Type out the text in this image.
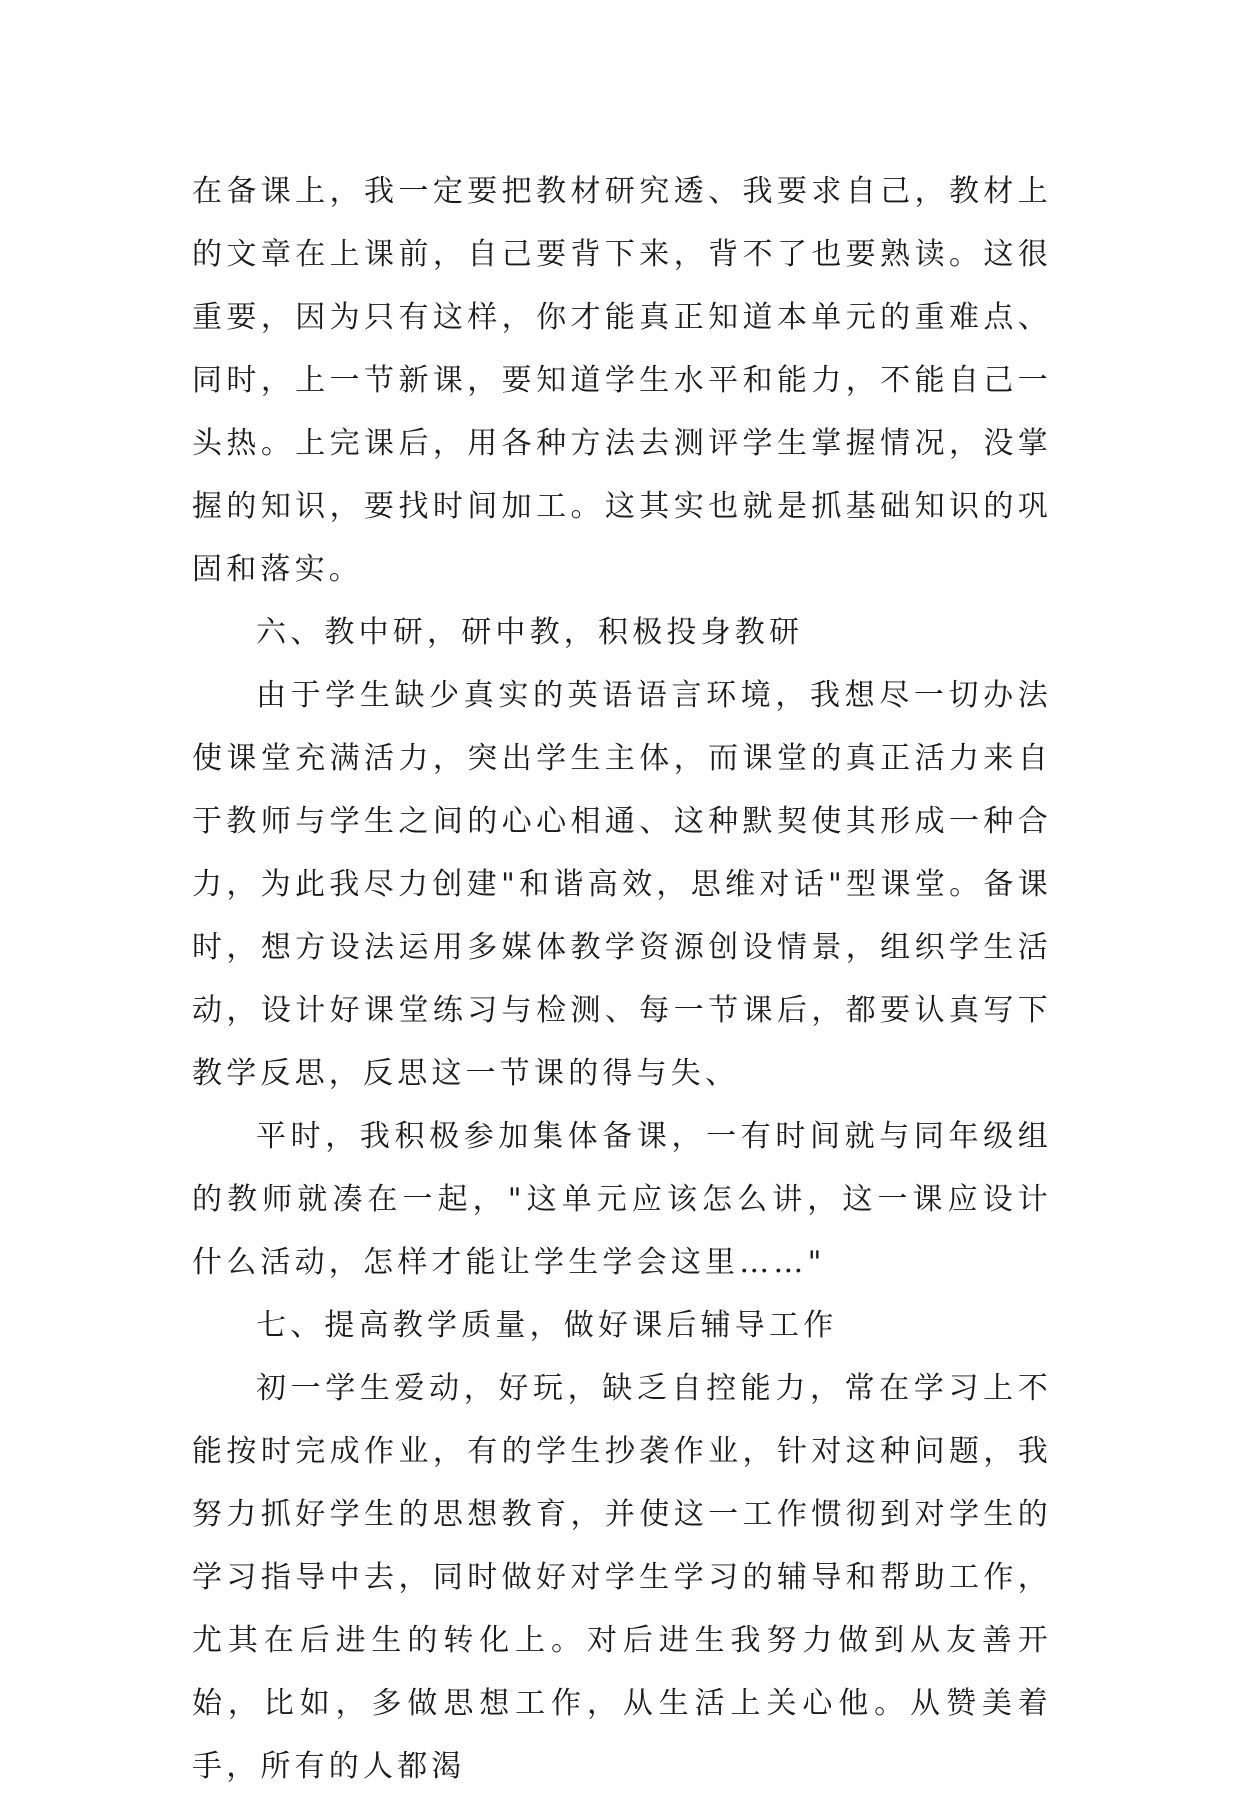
在备课上，我一定要把教材研究透、我要求自己，教材上的文章在上课前，自己要背下来，背不了也要熟读。这很重要，因为只有这样，你才能真正知道本单元的重难点、同时，上一节新课，要知道学生水平和能力，不能自己一头热。上完课后，用各种方法去测评学生掌握情况，没掌握的知识，要找时间加工。这其实也就是抓基础知识的巩固和落实。

六、教中研，研中教，积极投身教研

由于学生缺少真实的英语语言环境，我想尽一切办法使课堂充满活力，突出学生主体，而课堂的真正活力来自于教师与学生之间的心心相通、这种默契使其形成一种合力，为此我尽力创建"和谐高效，思维对话"型课堂。备课时，想方设法运用多媒体教学资源创设情景，组织学生活动，设计好课堂练习与检测、每一节课后，都要认真写下教学反思，反思这一节课的得与失、

平时，我积极参加集体备课，一有时间就与同年级组的教师就凑在一起，"这单元应该怎么讲，这一课应设计什么活动，怎样才能让学生学会这里……"

七、提高教学质量，做好课后辅导工作

初一学生爱动，好玩，缺乏自控能力，常在学习上不能按时完成作业，有的学生抄袭作业，针对这种问题，我努力抓好学生的思想教育，并使这一工作惯彻到对学生的学习指导中去，同时做好对学生学习的辅导和帮助工作，尤其在后进生的转化上。对后进生我努力做到从友善开始，比如，多做思想工作，从生活上关心他。从赞美着手，所有的人都渴
